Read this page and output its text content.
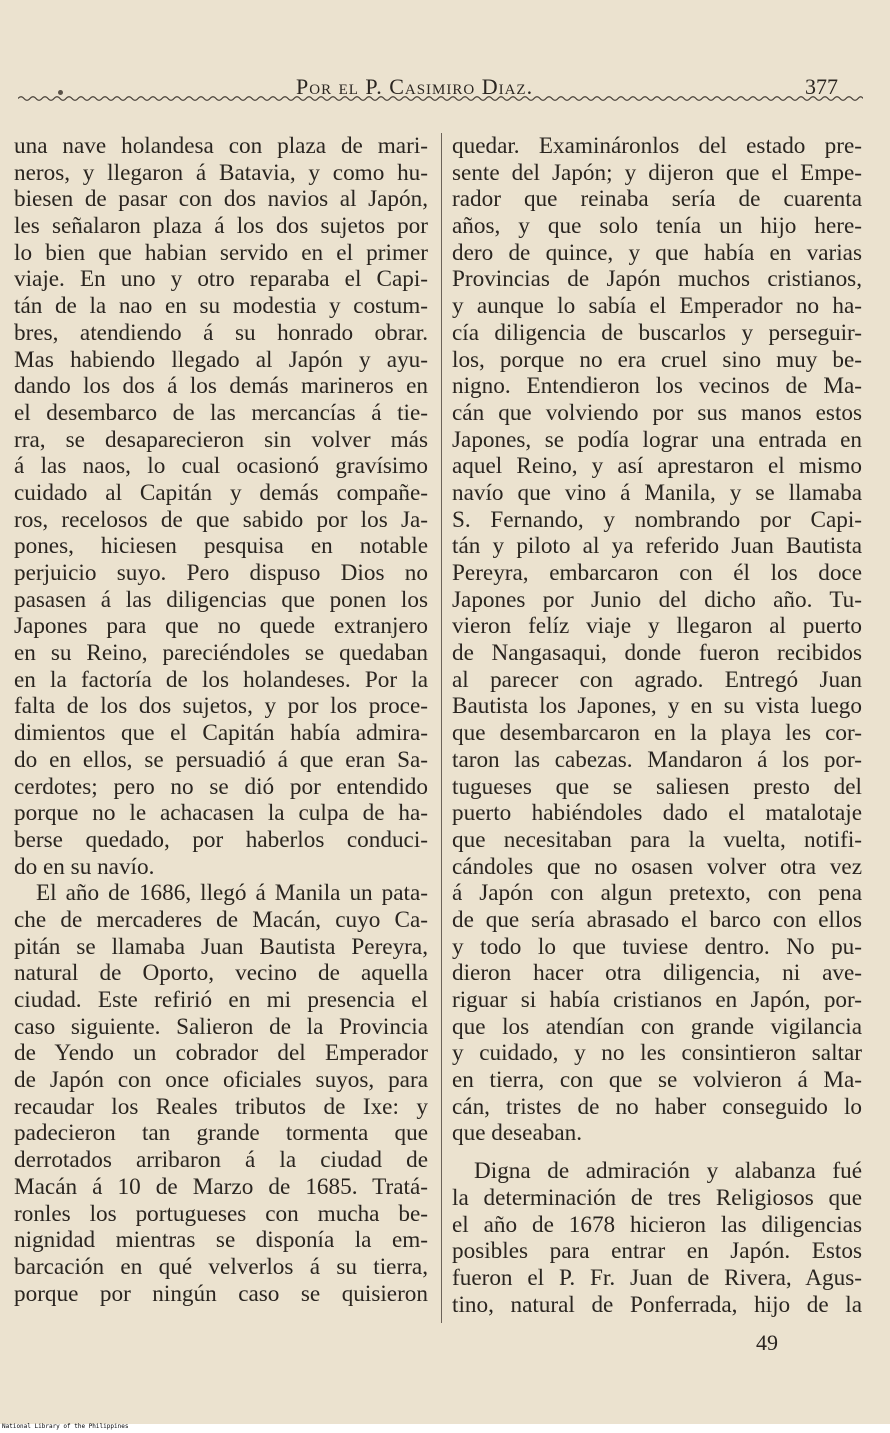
Por el P. Casimiro Diaz.	377
una nave holandesa con plaza de mari-
neros, y llegaron á Batavia, y como hu-
biesen de pasar con dos navios al Japón,
les señalaron plaza á los dos sujetos por
lo bien que habian servido en el primer
viaje. En uno y otro reparaba el Capi-
tán de la nao en su modestia y costum-
bres, atendiendo á su honrado obrar.
Mas habiendo llegado al Japón y ayu-
dando los dos á los demás marineros en
el desembarco de las mercancías á tie-
rra, se desaparecieron sin volver más
á las naos, lo cual ocasionó gravísimo
cuidado al Capitán y demás compañe-
ros, recelosos de que sabido por los Ja-
pones, hiciesen pesquisa en notable
perjuicio suyo. Pero dispuso Dios no
pasasen á las diligencias que ponen los
Japones para que no quede extranjero
en su Reino, pareciéndoles se quedaban
en la factoría de los holandeses. Por la
falta de los dos sujetos, y por los proce-
dimientos que el Capitán había admira-
do en ellos, se persuadió á que eran Sa-
cerdotes; pero no se dió por entendido
porque no le achacasen la culpa de ha-
berse quedado, por haberlos conduci-
do en su navío.
El año de 1686, llegó á Manila un pata-
che de mercaderes de Macán, cuyo Ca-
pitán se llamaba Juan Bautista Pereyra,
natural de Oporto, vecino de aquella
ciudad. Este refirió en mi presencia el
caso siguiente. Salieron de la Provincia
de Yendo un cobrador del Emperador
de Japón con once oficiales suyos, para
recaudar los Reales tributos de Ixe: y
padecieron tan grande tormenta que
derrotados arribaron á la ciudad de
Macán á 10 de Marzo de 1685. Tratá-
ronles los portugueses con mucha be-
nignidad mientras se disponía la em-
barcación en qué velverlos á su tierra,
porque por ningún caso se quisieron
quedar. Examináronlos del estado pre-
sente del Japón; y dijeron que el Empe-
rador que reinaba sería de cuarenta
años, y que solo tenía un hijo here-
dero de quince, y que había en varias
Provincias de Japón muchos cristianos,
y aunque lo sabía el Emperador no ha-
cía diligencia de buscarlos y perseguir-
los, porque no era cruel sino muy be-
nigno. Entendieron los vecinos de Ma-
cán que volviendo por sus manos estos
Japones, se podía lograr una entrada en
aquel Reino, y así aprestaron el mismo
navío que vino á Manila, y se llamaba
S. Fernando, y nombrando por Capi-
tán y piloto al ya referido Juan Bautista
Pereyra, embarcaron con él los doce
Japones por Junio del dicho año. Tu-
vieron felíz viaje y llegaron al puerto
de Nangasaqui, donde fueron recibidos
al parecer con agrado. Entregó Juan
Bautista los Japones, y en su vista luego
que desembarcaron en la playa les cor-
taron las cabezas. Mandaron á los por-
tugueses que se saliesen presto del
puerto habiéndoles dado el matalotaje
que necesitaban para la vuelta, notifi-
cándoles que no osasen volver otra vez
á Japón con algun pretexto, con pena
de que sería abrasado el barco con ellos
y todo lo que tuviese dentro. No pu-
dieron hacer otra diligencia, ni ave-
riguar si había cristianos en Japón, por-
que los atendían con grande vigilancia
y cuidado, y no les consintieron saltar
en tierra, con que se volvieron á Ma-
cán, tristes de no haber conseguido lo
que deseaban.
Digna de admiración y alabanza fué
la determinación de tres Religiosos que
el año de 1678 hicieron las diligencias
posibles para entrar en Japón. Estos
fueron el P. Fr. Juan de Rivera, Agus-
tino, natural de Ponferrada, hijo de la
49
National Library of the Philippines
